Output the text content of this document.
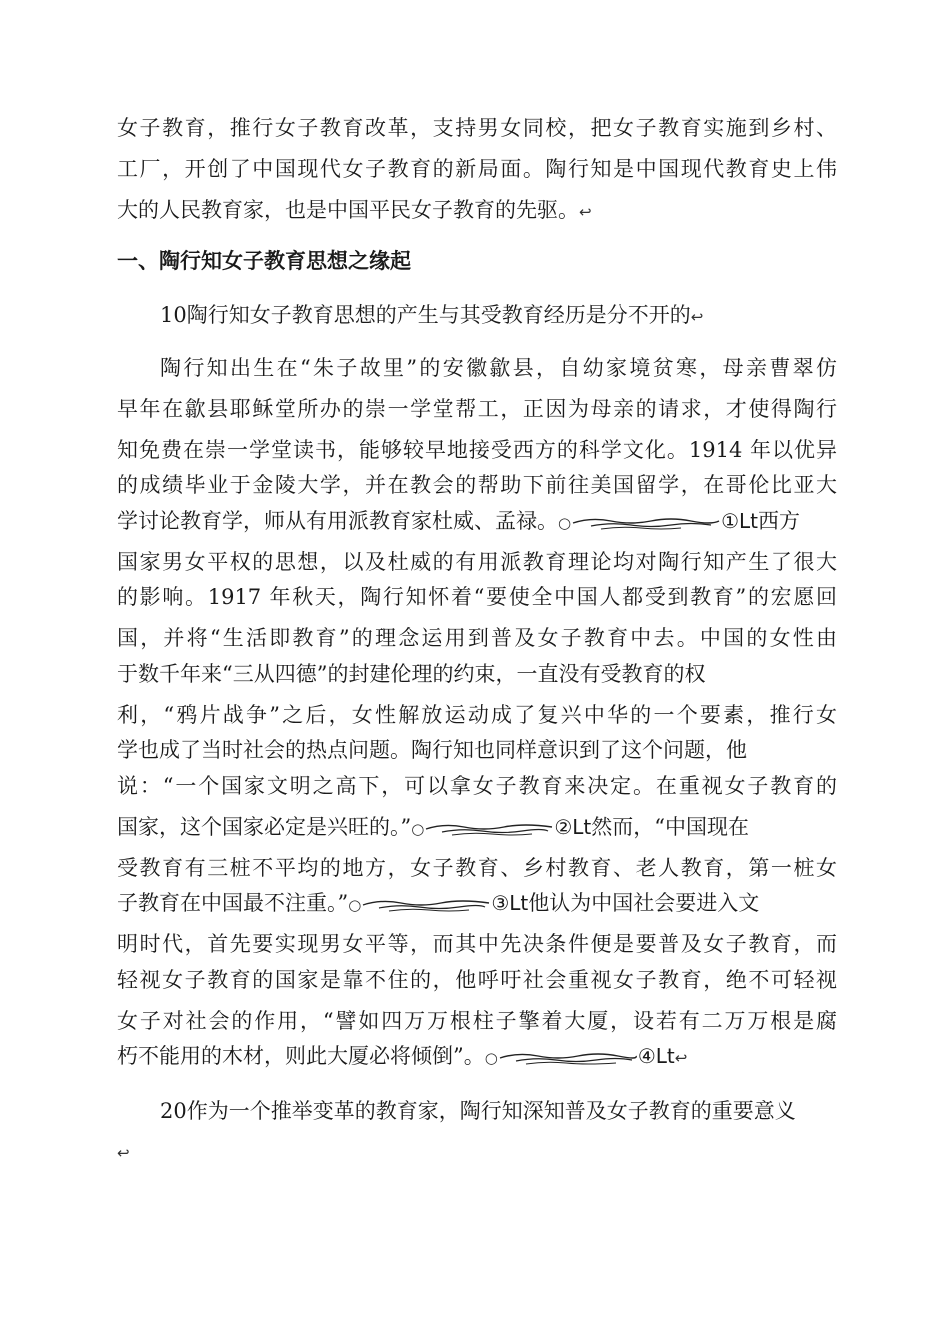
女子教育，推行女子教育改革，支持男女同校，把女子教育实施到乡村、
工厂，开创了中国现代女子教育的新局面。陶行知是中国现代教育史上伟
大的人民教育家，也是中国平民女子教育的先驱。↩
一、陶行知女子教育思想之缘起
10陶行知女子教育思想的产生与其受教育经历是分不开的↩
陶行知出生在“朱子故里”的安徽歙县，自幼家境贫寒，母亲曹翠仿
早年在歙县耶稣堂所办的崇一学堂帮工，正因为母亲的请求，才使得陶行
知免费在崇一学堂读书，能够较早地接受西方的科学文化。1914 年以优异
的成绩毕业于金陵大学，并在教会的帮助下前往美国留学，在哥伦比亚大
学讨论教育学，师从有用派教育家杜威、孟禄。○	①Lt西方
国家男女平权的思想，以及杜威的有用派教育理论均对陶行知产生了很大
的影响。1917 年秋天，陶行知怀着“要使全中国人都受到教育”的宏愿回
国，并将“生活即教育”的理念运用到普及女子教育中去。中国的女性由
于数千年来“三从四德”的封建伦理的约束，一直没有受教育的权
利，“鸦片战争”之后，女性解放运动成了复兴中华的一个要素，推行女
学也成了当时社会的热点问题。陶行知也同样意识到了这个问题，他
说：“一个国家文明之高下，可以拿女子教育来决定。在重视女子教育的
国家，这个国家必定是兴旺的。”○	②Lt然而，“中国现在
受教育有三桩不平均的地方，女子教育、乡村教育、老人教育，第一桩女
子教育在中国最不注重。”○	③Lt他认为中国社会要进入文
明时代，首先要实现男女平等，而其中先决条件便是要普及女子教育，而
轻视女子教育的国家是靠不住的，他呼吁社会重视女子教育，绝不可轻视
女子对社会的作用，“譬如四万万根柱子擎着大厦，设若有二万万根是腐
朽不能用的木材，则此大厦必将倾倒”。○	④Lt↩
20作为一个推举变革的教育家，陶行知深知普及女子教育的重要意义
↩
